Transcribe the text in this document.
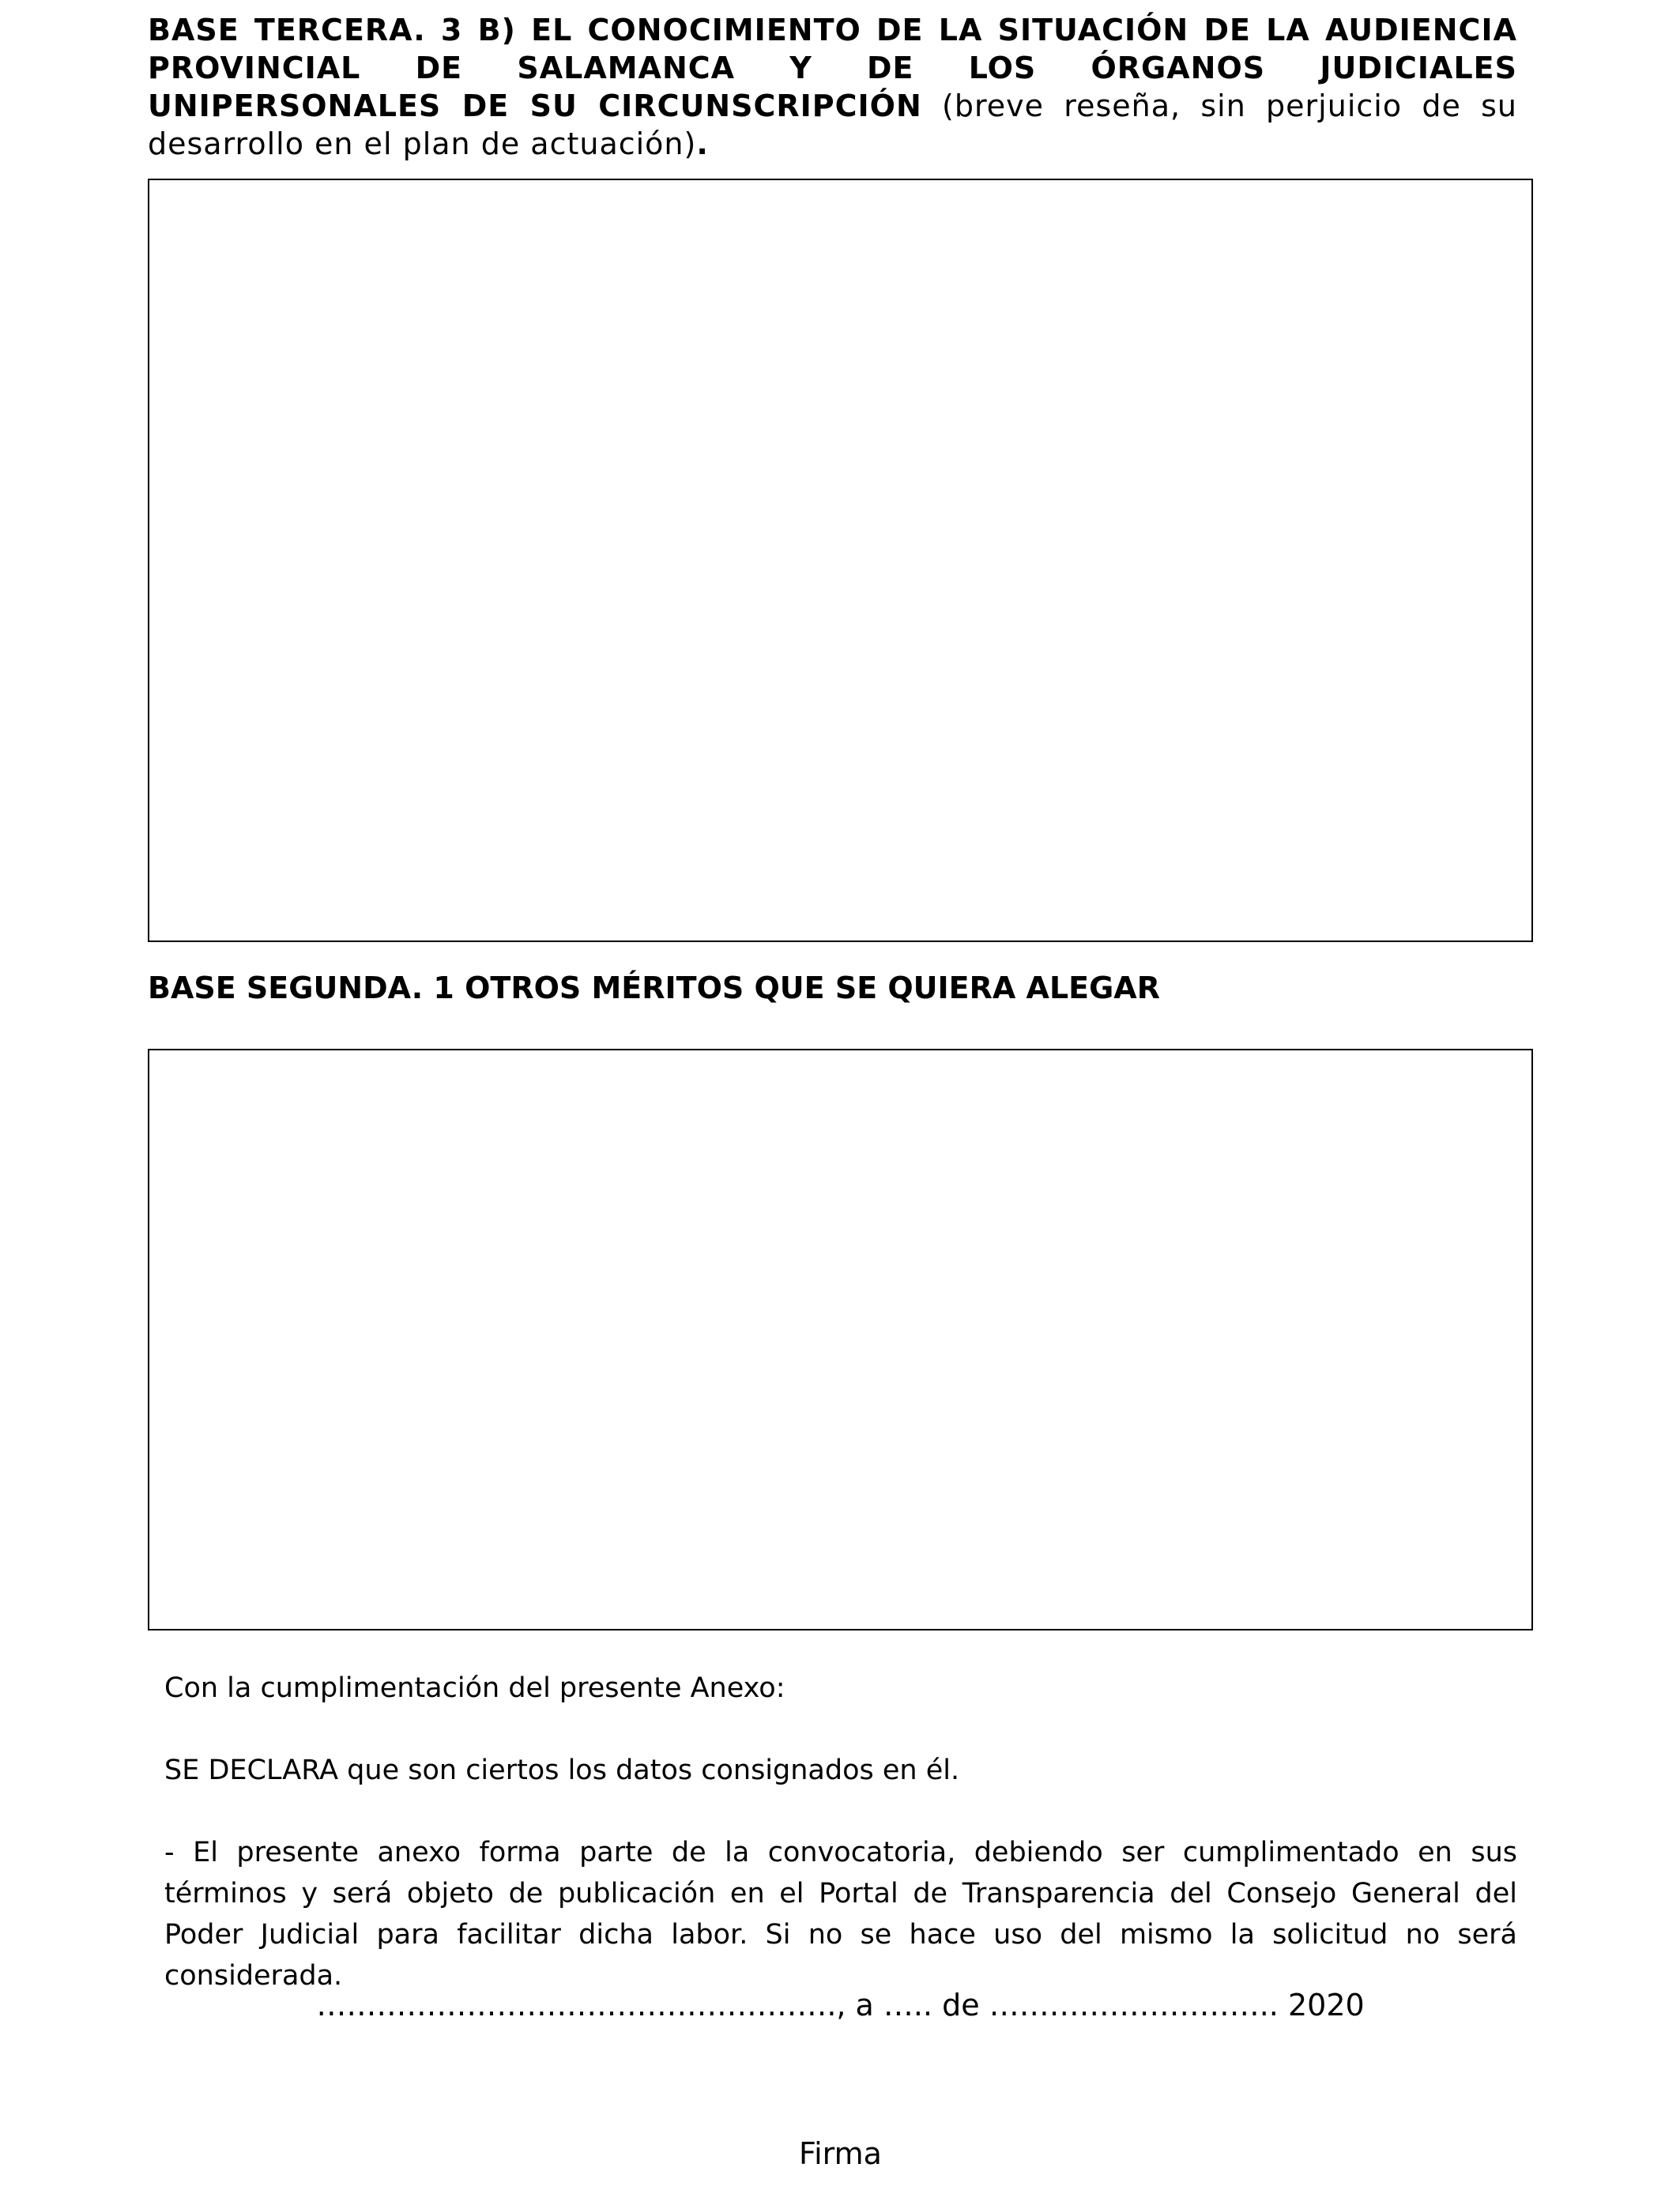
BASE TERCERA. 3 B) EL CONOCIMIENTO DE LA SITUACIÓN DE LA AUDIENCIA PROVINCIAL DE SALAMANCA Y DE LOS ÓRGANOS JUDICIALES UNIPERSONALES DE SU CIRCUNSCRIPCIÓN (breve reseña, sin perjuicio de su desarrollo en el plan de actuación).

BASE SEGUNDA. 1 OTROS MÉRITOS QUE SE QUIERA ALEGAR

Con la cumplimentación del presente Anexo:

SE DECLARA que son ciertos los datos consignados en él.

- El presente anexo forma parte de la convocatoria, debiendo ser cumplimentado en sus términos y será objeto de publicación en el Portal de Transparencia del Consejo General del Poder Judicial para facilitar dicha labor. Si no se hace uso del mismo la solicitud no será considerada.

……………………………………………., a ….. de ……………………….. 2020

Firma
